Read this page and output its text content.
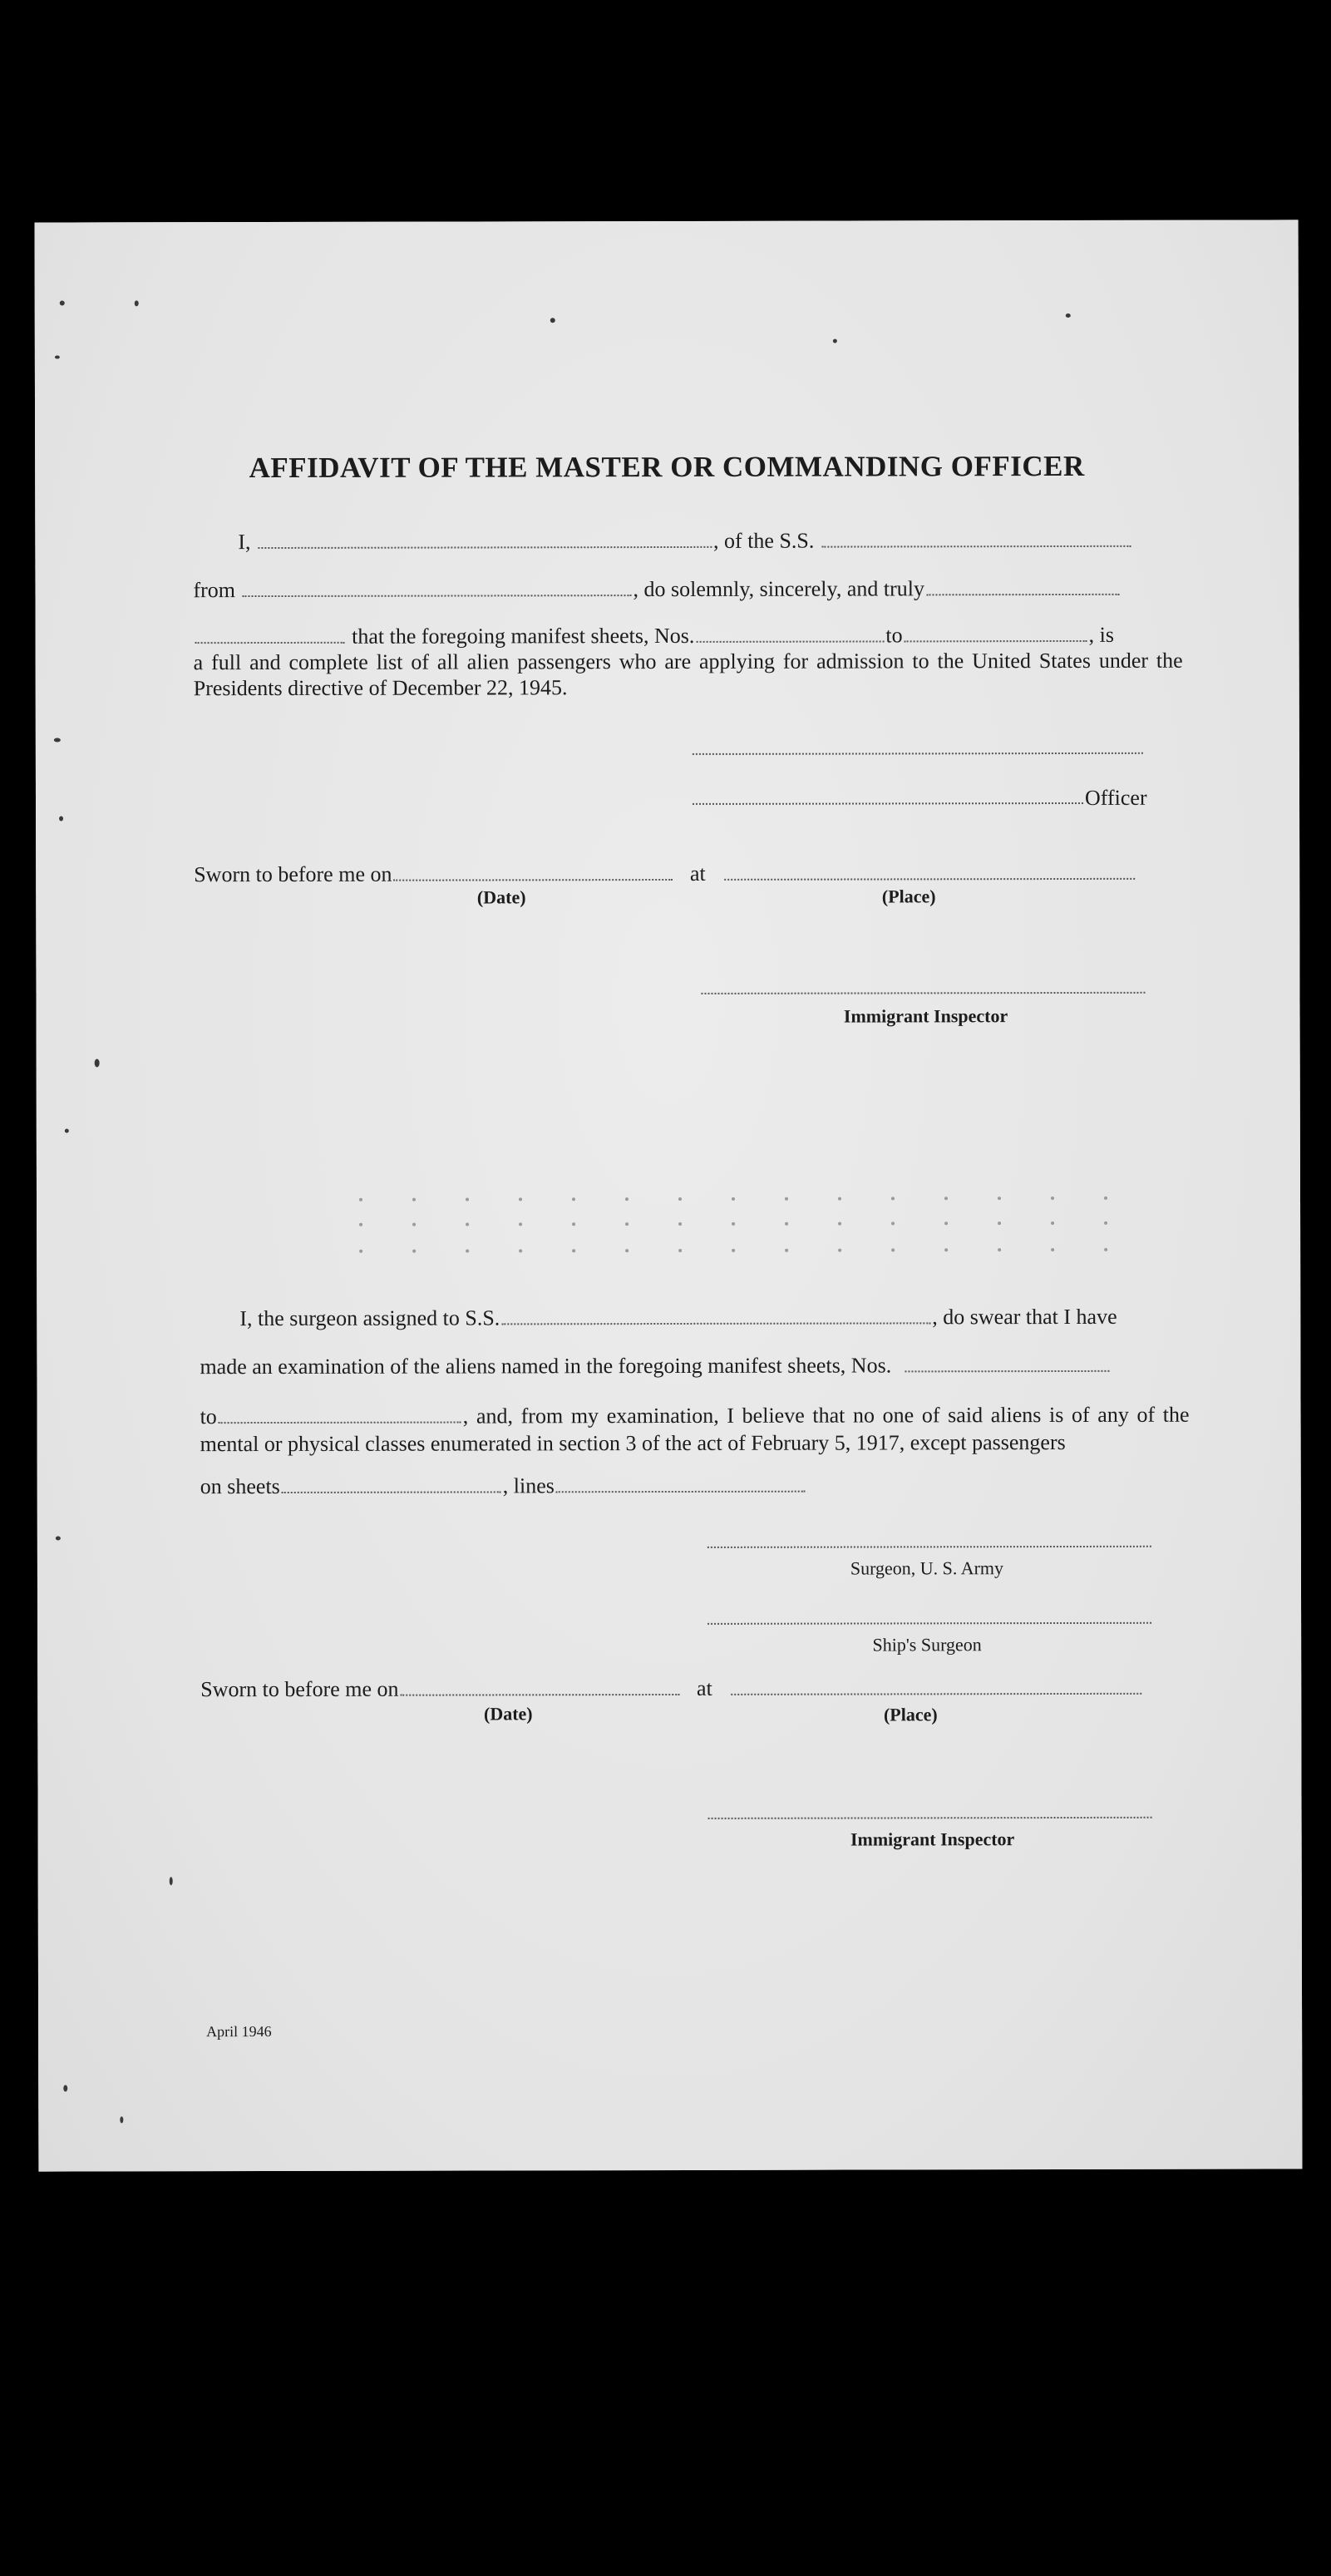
AFFIDAVIT OF THE MASTER OR COMMANDING OFFICER
I,	, of the S.S.
from	, do solemnly, sincerely, and truly
that the foregoing manifest sheets, Nos.	to	, is
a full and complete list of all alien passengers who are applying for admission to the United States under the Presidents directive of December 22, 1945.
Officer
Sworn to before me on	at
(Date)	(Place)
Immigrant Inspector
I, the surgeon assigned to S.S.	, do swear that I have
made an examination of the aliens named in the foregoing manifest sheets, Nos.
to	, and, from my examination, I believe that no one of said aliens is of any of the mental or physical classes enumerated in section 3 of the act of February 5, 1917, except passengers
on sheets	, lines
Surgeon, U. S. Army
Ship's Surgeon
Sworn to before me on	at
(Date)	(Place)
Immigrant Inspector
April 1946
